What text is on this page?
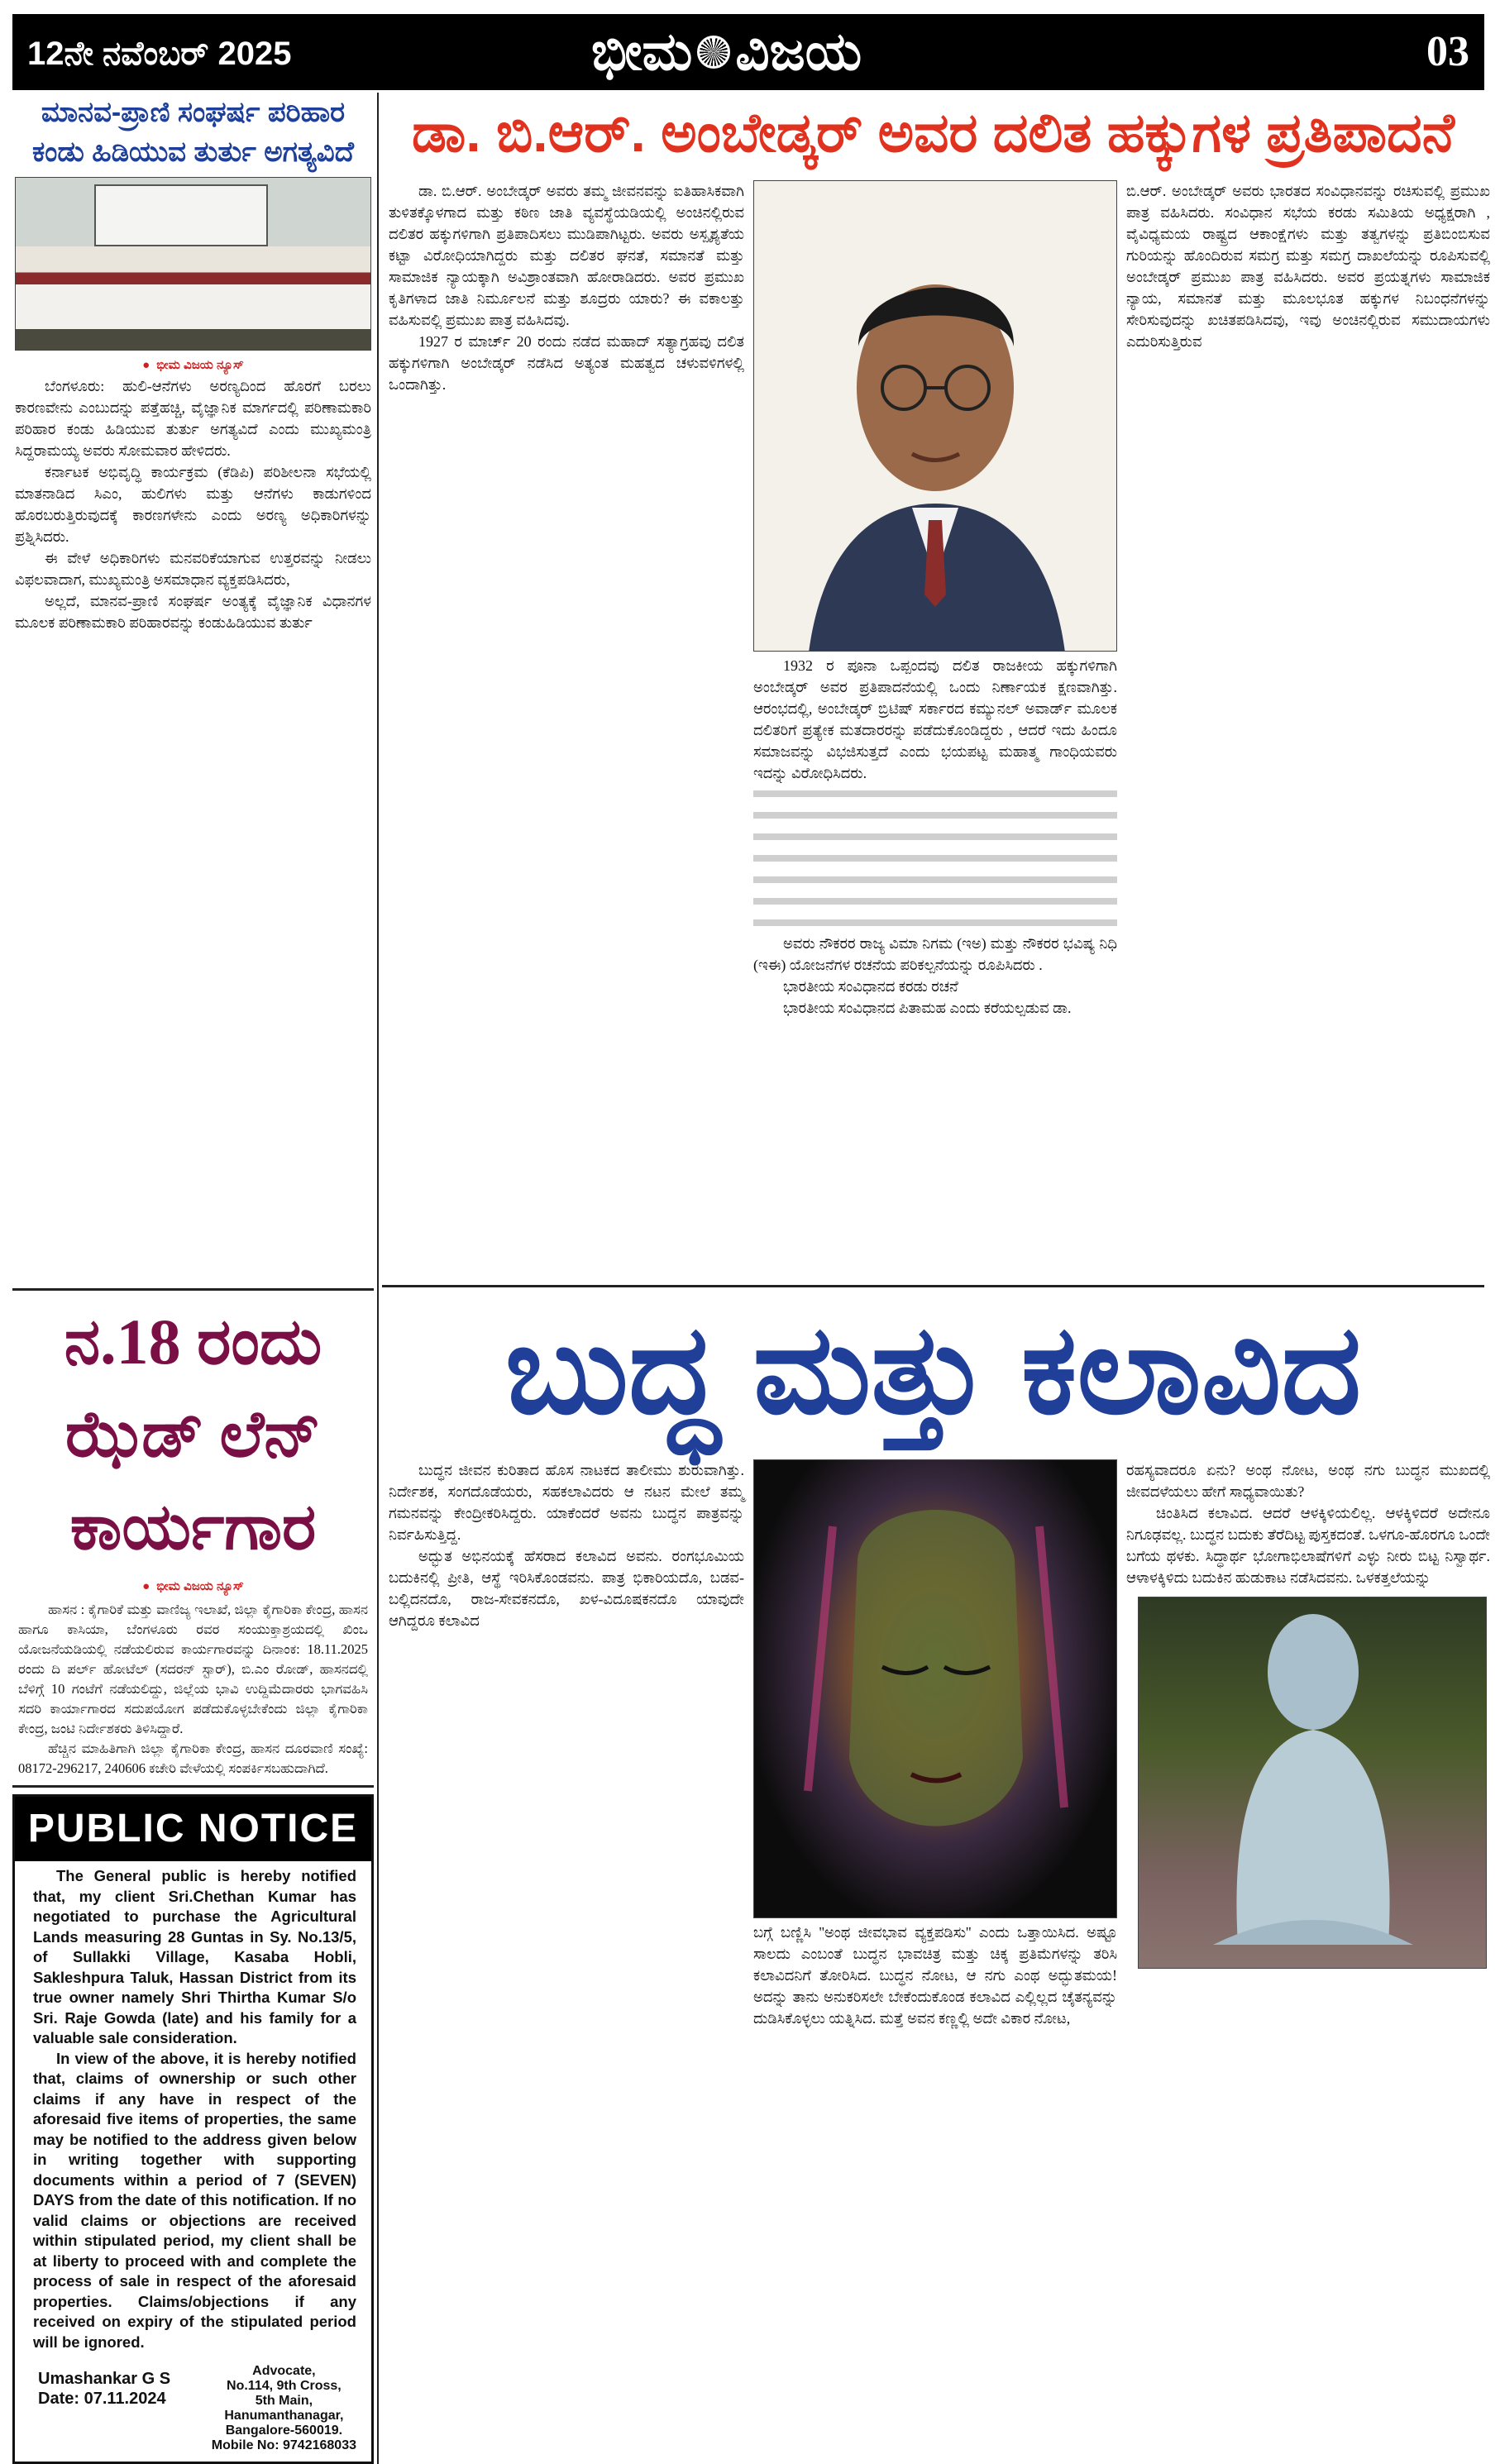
12ನೇ ನವೆಂಬರ್ 2025	ಭೀಮ ವಿಜಯ	03
ಮಾನವ-ಪ್ರಾಣಿ ಸಂಘರ್ಷ ಪರಿಹಾರ ಕಂಡು ಹಿಡಿಯುವ ತುರ್ತು ಅಗತ್ಯವಿದೆ
● ಭೀಮ ವಿಜಯ ನ್ಯೂಸ್

ಬೆಂಗಳೂರು: ಹುಲಿ-ಆನೆಗಳು ಅರಣ್ಯದಿಂದ ಹೊರಗೆ ಬರಲು ಕಾರಣವೇನು ಎಂಬುದನ್ನು ಪತ್ತೆಹಚ್ಚಿ, ವೈಜ್ಞಾನಿಕ ಮಾರ್ಗದಲ್ಲಿ ಪರಿಣಾಮಕಾರಿ ಪರಿಹಾರ ಕಂಡು ಹಿಡಿಯುವ ತುರ್ತು ಅಗತ್ಯವಿದೆ ಎಂದು ಮುಖ್ಯಮಂತ್ರಿ ಸಿದ್ದರಾಮಯ್ಯ ಅವರು ಸೋಮವಾರ ಹೇಳಿದರು.

ಕರ್ನಾಟಕ ಅಭಿವೃದ್ಧಿ ಕಾರ್ಯಕ್ರಮ (ಕೆಡಿಪಿ) ಪರಿಶೀಲನಾ ಸಭೆಯಲ್ಲಿ ಮಾತನಾಡಿದ ಸಿಎಂ, ಹುಲಿಗಳು ಮತ್ತು ಆನೆಗಳು ಕಾಡುಗಳಿಂದ ಹೊರಬರುತ್ತಿರುವುದಕ್ಕೆ ಕಾರಣಗಳೇನು ಎಂದು ಅರಣ್ಯ ಅಧಿಕಾರಿಗಳನ್ನು ಪ್ರಶ್ನಿಸಿದರು.

ಈ ವೇಳೆ ಅಧಿಕಾರಿಗಳು ಮನವರಿಕೆಯಾಗುವ ಉತ್ತರವನ್ನು ನೀಡಲು ವಿಫಲವಾದಾಗ, ಮುಖ್ಯಮಂತ್ರಿ ಅಸಮಾಧಾನ ವ್ಯಕ್ತಪಡಿಸಿದರು,

ಅಲ್ಲದೆ, ಮಾನವ-ಪ್ರಾಣಿ ಸಂಘರ್ಷ ಅಂತ್ಯಕ್ಕೆ ವೈಜ್ಞಾನಿಕ ವಿಧಾನಗಳ ಮೂಲಕ ಪರಿಣಾಮಕಾರಿ ಪರಿಹಾರವನ್ನು ಕಂಡುಹಿಡಿಯುವ ತುರ್ತು

ನ.18 ರಂದು ಝೆಡ್ ಲೆನ್ ಕಾರ್ಯಗಾರ
● ಭೀಮ ವಿಜಯ ನ್ಯೂಸ್

ಹಾಸನ : ಕೈಗಾರಿಕೆ ಮತ್ತು ವಾಣಿಜ್ಯ ಇಲಾಖೆ, ಜಿಲ್ಲಾ ಕೈಗಾರಿಕಾ ಕೇಂದ್ರ, ಹಾಸನ ಹಾಗೂ ಕಾಸಿಯಾ, ಬೆಂಗಳೂರು ರವರ ಸಂಯುಕ್ತಾಶ್ರಯದಲ್ಲಿ ಖಿಂಒ ಯೋಜನೆಯಡಿಯಲ್ಲಿ ನಡೆಯಲಿರುವ ಕಾರ್ಯಗಾರವನ್ನು ದಿನಾಂಕ: 18.11.2025 ರಂದು ದಿ ಪರ್ಲ್ ಹೋಟೆಲ್ (ಸದರನ್ ಸ್ಟಾರ್), ಬಿ.ಎಂ ರೋಡ್, ಹಾಸನದಲ್ಲಿ ಬೆಳಿಗ್ಗೆ 10 ಗಂಟೆಗೆ ನಡೆಯಲಿದ್ದು, ಜಿಲ್ಲೆಯ ಭಾವಿ ಉದ್ದಿಮೆದಾರರು ಭಾಗವಹಿಸಿ ಸದರಿ ಕಾರ್ಯಾಗಾರದ ಸದುಪಯೋಗ ಪಡೆದುಕೊಳ್ಳಬೇಕೆಂದು ಜಿಲ್ಲಾ ಕೈಗಾರಿಕಾ ಕೇಂದ್ರ, ಜಂಟಿ ನಿರ್ದೇಶಕರು ತಿಳಿಸಿದ್ದಾರೆ.

ಹೆಚ್ಚಿನ ಮಾಹಿತಿಗಾಗಿ ಜಿಲ್ಲಾ ಕೈಗಾರಿಕಾ ಕೇಂದ್ರ, ಹಾಸನ ದೂರವಾಣಿ ಸಂಖ್ಯೆ: 08172-296217, 240606 ಕಚೇರಿ ವೇಳೆಯಲ್ಲಿ ಸಂಪರ್ಕಿಸಬಹುದಾಗಿದೆ.

PUBLIC NOTICE

The General public is hereby notified that, my client Sri.Chethan Kumar has negotiated to purchase the Agricultural Lands measuring 28 Guntas in Sy. No.13/5, of Sullakki Village, Kasaba Hobli, Sakleshpura Taluk, Hassan District from its true owner namely Shri Thirtha Kumar S/o Sri. Raje Gowda (late) and his family for a valuable sale consideration.

In view of the above, it is hereby notified that, claims of ownership or such other claims if any have in respect of the aforesaid five items of properties, the same may be notified to the address given below in writing together with supporting documents within a period of 7 (SEVEN) DAYS from the date of this notification. If no valid claims or objections are received within stipulated period, my client shall be at liberty to proceed with and complete the process of sale in respect of the aforesaid properties. Claims/objections if any received on expiry of the stipulated period will be ignored.

Umashankar G S
Date: 07.11.2024
Advocate,
No.114, 9th Cross,
5th Main,
Hanumanthanagar,
Bangalore-560019.
Mobile No: 9742168033
ಡಾ. ಬಿ.ಆರ್. ಅಂಬೇಡ್ಕರ್ ಅವರ ದಲಿತ ಹಕ್ಕುಗಳ ಪ್ರತಿಪಾದನೆ

ಡಾ. ಬಿ.ಆರ್. ಅಂಬೇಡ್ಕರ್ ಅವರು ತಮ್ಮ ಜೀವನವನ್ನು ಐತಿಹಾಸಿಕವಾಗಿ ತುಳಿತಕ್ಕೊಳಗಾದ ಮತ್ತು ಕಠಿಣ ಜಾತಿ ವ್ಯವಸ್ಥೆಯಡಿಯಲ್ಲಿ ಅಂಚಿನಲ್ಲಿರುವ ದಲಿತರ ಹಕ್ಕುಗಳಿಗಾಗಿ ಪ್ರತಿಪಾದಿಸಲು ಮುಡಿಪಾಗಿಟ್ಟರು. ಅವರು ಅಸ್ಪೃಶ್ಯತೆಯ ಕಟ್ಟಾ ವಿರೋಧಿಯಾಗಿದ್ದರು ಮತ್ತು ದಲಿತರ ಘನತೆ, ಸಮಾನತೆ ಮತ್ತು ಸಾಮಾಜಿಕ ನ್ಯಾಯಕ್ಕಾಗಿ ಅವಿಶ್ರಾಂತವಾಗಿ ಹೋರಾಡಿದರು. ಅವರ ಪ್ರಮುಖ ಕೃತಿಗಳಾದ ಜಾತಿ ನಿರ್ಮೂಲನೆ ಮತ್ತು ಶೂದ್ರರು ಯಾರು? ಈ ವಕಾಲತ್ತು ವಹಿಸುವಲ್ಲಿ ಪ್ರಮುಖ ಪಾತ್ರ ವಹಿಸಿದವು.

1927 ರ ಮಾರ್ಚ್ 20 ರಂದು ನಡೆದ ಮಹಾದ್ ಸತ್ಯಾಗ್ರಹವು ದಲಿತ ಹಕ್ಕುಗಳಿಗಾಗಿ ಅಂಬೇಡ್ಕರ್ ನಡೆಸಿದ ಅತ್ಯಂತ ಮಹತ್ವದ ಚಳುವಳಿಗಳಲ್ಲಿ ಒಂದಾಗಿತ್ತು.

1932 ರ ಪೂನಾ ಒಪ್ಪಂದವು ದಲಿತ ರಾಜಕೀಯ ಹಕ್ಕುಗಳಿಗಾಗಿ ಅಂಬೇಡ್ಕರ್ ಅವರ ಪ್ರತಿಪಾದನೆಯಲ್ಲಿ ಒಂದು ನಿರ್ಣಾಯಕ ಕ್ಷಣವಾಗಿತ್ತು. ಆರಂಭದಲ್ಲಿ, ಅಂಬೇಡ್ಕರ್ ಬ್ರಿಟಿಷ್ ಸರ್ಕಾರದ ಕಮ್ಯುನಲ್ ಅವಾರ್ಡ್ ಮೂಲಕ ದಲಿತರಿಗೆ ಪ್ರತ್ಯೇಕ ಮತದಾರರನ್ನು ಪಡೆದುಕೊಂಡಿದ್ದರು , ಆದರೆ ಇದು ಹಿಂದೂ ಸಮಾಜವನ್ನು ವಿಭಜಿಸುತ್ತದೆ ಎಂದು ಭಯಪಟ್ಟ ಮಹಾತ್ಮ ಗಾಂಧಿಯವರು ಇದನ್ನು ವಿರೋಧಿಸಿದರು.

ಅವರು ನೌಕರರ ರಾಜ್ಯ ವಿಮಾ ನಿಗಮ (ಇಅ) ಮತ್ತು ನೌಕರರ ಭವಿಷ್ಯ ನಿಧಿ (ಇಈ) ಯೋಜನೆಗಳ ರಚನೆಯ ಪರಿಕಲ್ಪನೆಯನ್ನು ರೂಪಿಸಿದರು .

ಭಾರತೀಯ ಸಂವಿಧಾನದ ಕರಡು ರಚನೆ

ಭಾರತೀಯ ಸಂವಿಧಾನದ ಪಿತಾಮಹ ಎಂದು ಕರೆಯಲ್ಪಡುವ ಡಾ.

ಬಿ.ಆರ್. ಅಂಬೇಡ್ಕರ್ ಅವರು ಭಾರತದ ಸಂವಿಧಾನವನ್ನು ರಚಿಸುವಲ್ಲಿ ಪ್ರಮುಖ ಪಾತ್ರ ವಹಿಸಿದರು. ಸಂವಿಧಾನ ಸಭೆಯ ಕರಡು ಸಮಿತಿಯ ಅಧ್ಯಕ್ಷರಾಗಿ , ವೈವಿಧ್ಯಮಯ ರಾಷ್ಟ್ರದ ಆಕಾಂಕ್ಷೆಗಳು ಮತ್ತು ತತ್ವಗಳನ್ನು ಪ್ರತಿಬಿಂಬಿಸುವ ಗುರಿಯನ್ನು ಹೊಂದಿರುವ ಸಮಗ್ರ ಮತ್ತು ಸಮಗ್ರ ದಾಖಲೆಯನ್ನು ರೂಪಿಸುವಲ್ಲಿ ಅಂಬೇಡ್ಕರ್ ಪ್ರಮುಖ ಪಾತ್ರ ವಹಿಸಿದರು. ಅವರ ಪ್ರಯತ್ನಗಳು ಸಾಮಾಜಿಕ ನ್ಯಾಯ, ಸಮಾನತೆ ಮತ್ತು ಮೂಲಭೂತ ಹಕ್ಕುಗಳ ನಿಬಂಧನೆಗಳನ್ನು ಸೇರಿಸುವುದನ್ನು ಖಚಿತಪಡಿಸಿದವು, ಇವು ಅಂಚಿನಲ್ಲಿರುವ ಸಮುದಾಯಗಳು ಎದುರಿಸುತ್ತಿರುವ

ಬುದ್ಧ ಮತ್ತು ಕಲಾವಿದ

ಬುದ್ಧನ ಜೀವನ ಕುರಿತಾದ ಹೊಸ ನಾಟಕದ ತಾಲೀಮು ಶುರುವಾಗಿತ್ತು. ನಿರ್ದೇಶಕ, ಸಂಗದೊಡೆಯರು, ಸಹಕಲಾವಿದರು ಆ ನಟನ ಮೇಲೆ ತಮ್ಮ ಗಮನವನ್ನು ಕೇಂದ್ರೀಕರಿಸಿದ್ದರು. ಯಾಕೆಂದರೆ ಅವನು ಬುದ್ಧನ ಪಾತ್ರವನ್ನು ನಿರ್ವಹಿಸುತ್ತಿದ್ದ.

ಅದ್ಭುತ ಅಭಿನಯಕ್ಕೆ ಹೆಸರಾದ ಕಲಾವಿದ ಅವನು. ರಂಗಭೂಮಿಯ ಬದುಕಿನಲ್ಲಿ ಪ್ರೀತಿ, ಆಸ್ಥೆ ಇರಿಸಿಕೊಂಡವನು. ಪಾತ್ರ ಭಿಕಾರಿಯದೊ, ಬಡವ-ಬಲ್ಲಿದನದೊ, ರಾಜ-ಸೇವಕನದೊ, ಖಳ-ವಿದೂಷಕನದೊ ಯಾವುದೇ ಆಗಿದ್ದರೂ ಕಲಾವಿದ

ಬಗ್ಗೆ ಬಣ್ಣಿಸಿ ''ಅಂಥ ಜೀವಭಾವ ವ್ಯಕ್ತಪಡಿಸು'' ಎಂದು ಒತ್ತಾಯಿಸಿದ. ಅಷ್ಟೂ ಸಾಲದು ಎಂಬಂತೆ ಬುದ್ಧನ ಭಾವಚಿತ್ರ ಮತ್ತು ಚಿಕ್ಕ ಪ್ರತಿಮೆಗಳನ್ನು ತರಿಸಿ ಕಲಾವಿದನಿಗೆ ತೋರಿಸಿದ. ಬುದ್ಧನ ನೋಟ, ಆ ನಗು ಎಂಥ ಅದ್ಭುತಮಯ! ಅದನ್ನು ತಾನು ಅನುಕರಿಸಲೇ ಬೇಕೆಂದುಕೊಂಡ ಕಲಾವಿದ ಎಲ್ಲಿಲ್ಲದ ಚೈತನ್ಯವನ್ನು ದುಡಿಸಿಕೊಳ್ಳಲು ಯತ್ನಿಸಿದ. ಮತ್ತೆ ಅವನ ಕಣ್ಣಲ್ಲಿ ಅದೇ ವಿಕಾರ ನೋಟ,

ರಹಸ್ಯವಾದರೂ ಏನು? ಅಂಥ ನೋಟ, ಅಂಥ ನಗು ಬುದ್ಧನ ಮುಖದಲ್ಲಿ ಜೀವದಳೆಯಲು ಹೇಗೆ ಸಾಧ್ಯವಾಯಿತು?

ಚಿಂತಿಸಿದ ಕಲಾವಿದ. ಆದರೆ ಆಳಕ್ಕಿಳಿಯಲಿಲ್ಲ. ಆಳಕ್ಕಿಳಿದರೆ ಅದೇನೂ ನಿಗೂಢವಲ್ಲ. ಬುದ್ಧನ ಬದುಕು ತೆರೆದಿಟ್ಟ ಪುಸ್ತಕದಂತೆ. ಒಳಗೂ-ಹೊರಗೂ ಒಂದೇ ಬಗೆಯ ಥಳಕು. ಸಿದ್ಧಾರ್ಥ ಭೋಗಾಭಿಲಾಷೆಗಳಿಗೆ ಎಳ್ಳು ನೀರು ಬಿಟ್ಟ ನಿಸ್ವಾರ್ಥ. ಆಳಾಳಕ್ಕಿಳಿದು ಬದುಕಿನ ಹುಡುಕಾಟ ನಡೆಸಿದವನು. ಒಳಕತ್ತಲೆಯನ್ನು
